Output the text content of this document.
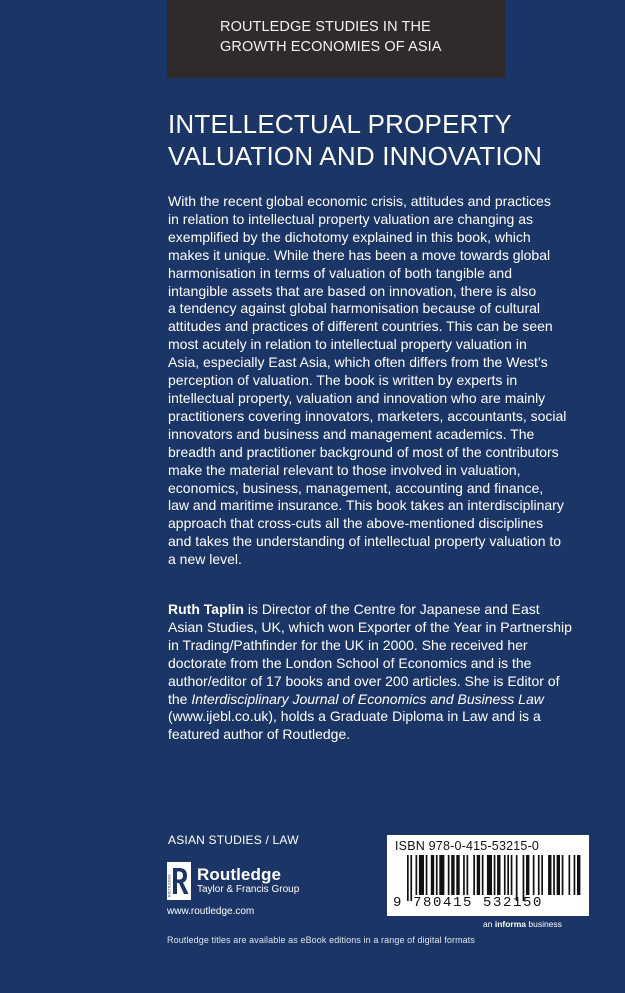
ROUTLEDGE STUDIES IN THE
GROWTH ECONOMIES OF ASIA
INTELLECTUAL PROPERTY
VALUATION AND INNOVATION
With the recent global economic crisis, attitudes and practices
in relation to intellectual property valuation are changing as
exemplified by the dichotomy explained in this book, which
makes it unique. While there has been a move towards global
harmonisation in terms of valuation of both tangible and
intangible assets that are based on innovation, there is also
a tendency against global harmonisation because of cultural
attitudes and practices of different countries. This can be seen
most acutely in relation to intellectual property valuation in
Asia, especially East Asia, which often differs from the West’s
perception of valuation. The book is written by experts in
intellectual property, valuation and innovation who are mainly
practitioners covering innovators, marketers, accountants, social
innovators and business and management academics. The
breadth and practitioner background of most of the contributors
make the material relevant to those involved in valuation,
economics, business, management, accounting and finance,
law and maritime insurance. This book takes an interdisciplinary
approach that cross-cuts all the above-mentioned disciplines
and takes the understanding of intellectual property valuation to
a new level.
Ruth Taplin is Director of the Centre for Japanese and East
Asian Studies, UK, which won Exporter of the Year in Partnership
in Trading/Pathfinder for the UK in 2000. She received her
doctorate from the London School of Economics and is the
author/editor of 17 books and over 200 articles. She is Editor of
the Interdisciplinary Journal of Economics and Business Law
(www.ijebl.co.uk), holds a Graduate Diploma in Law and is a
featured author of Routledge.
ASIAN STUDIES / LAW
ROUTLEDGE Routledge
Taylor & Francis Group
www.routledge.com
ISBN 978-0-415-53215-0
9 780415 532150
an informa business
Routledge titles are available as eBook editions in a range of digital formats
